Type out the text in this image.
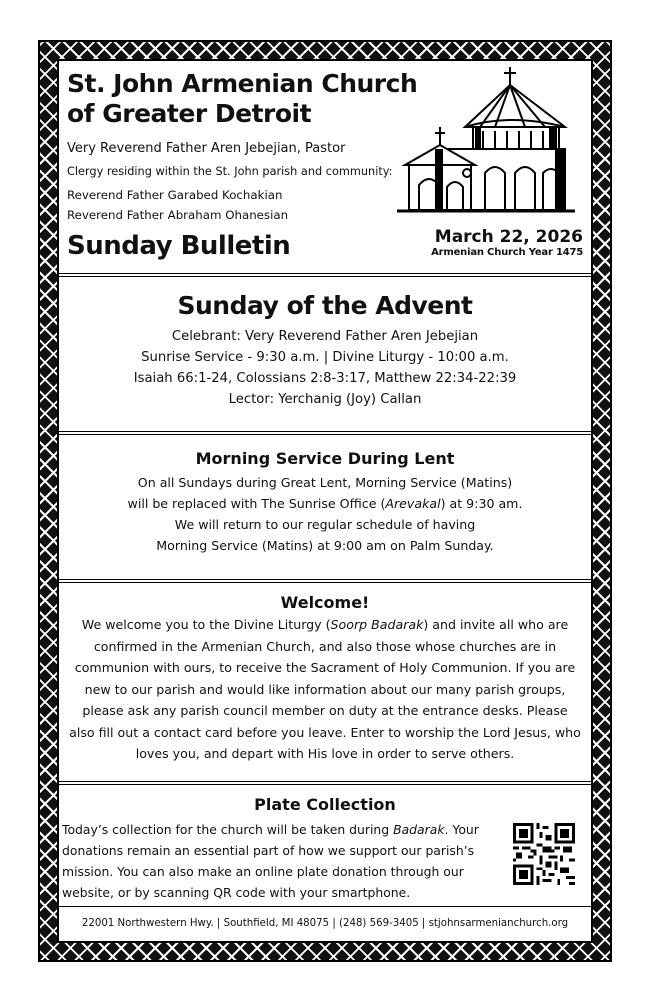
St. John Armenian Church
of Greater Detroit
Very Reverend Father Aren Jebejian, Pastor
Clergy residing within the St. John parish and community:
Reverend Father Garabed Kochakian
Reverend Father Abraham Ohanesian
Sunday Bulletin	March 22, 2026
Armenian Church Year 1475
Sunday of the Advent
Celebrant: Very Reverend Father Aren Jebejian
Sunrise Service - 9:30 a.m. | Divine Liturgy - 10:00 a.m.
Isaiah 66:1-24, Colossians 2:8-3:17, Matthew 22:34-22:39
Lector: Yerchanig (Joy) Callan
Morning Service During Lent
On all Sundays during Great Lent, Morning Service (Matins)
will be replaced with The Sunrise Office (Arevakal) at 9:30 am.
We will return to our regular schedule of having
Morning Service (Matins) at 9:00 am on Palm Sunday.
Welcome!
We welcome you to the Divine Liturgy (Soorp Badarak) and invite all who are confirmed in the Armenian Church, and also those whose churches are in communion with ours, to receive the Sacrament of Holy Communion. If you are new to our parish and would like information about our many parish groups, please ask any parish council member on duty at the entrance desks. Please also fill out a contact card before you leave. Enter to worship the Lord Jesus, who loves you, and depart with His love in order to serve others.
Plate Collection
Today’s collection for the church will be taken during Badarak. Your donations remain an essential part of how we support our parish’s mission. You can also make an online plate donation through our website, or by scanning QR code with your smartphone.
22001 Northwestern Hwy. | Southfield, MI 48075 | (248) 569-3405 | stjohnsarmenianchurch.org
